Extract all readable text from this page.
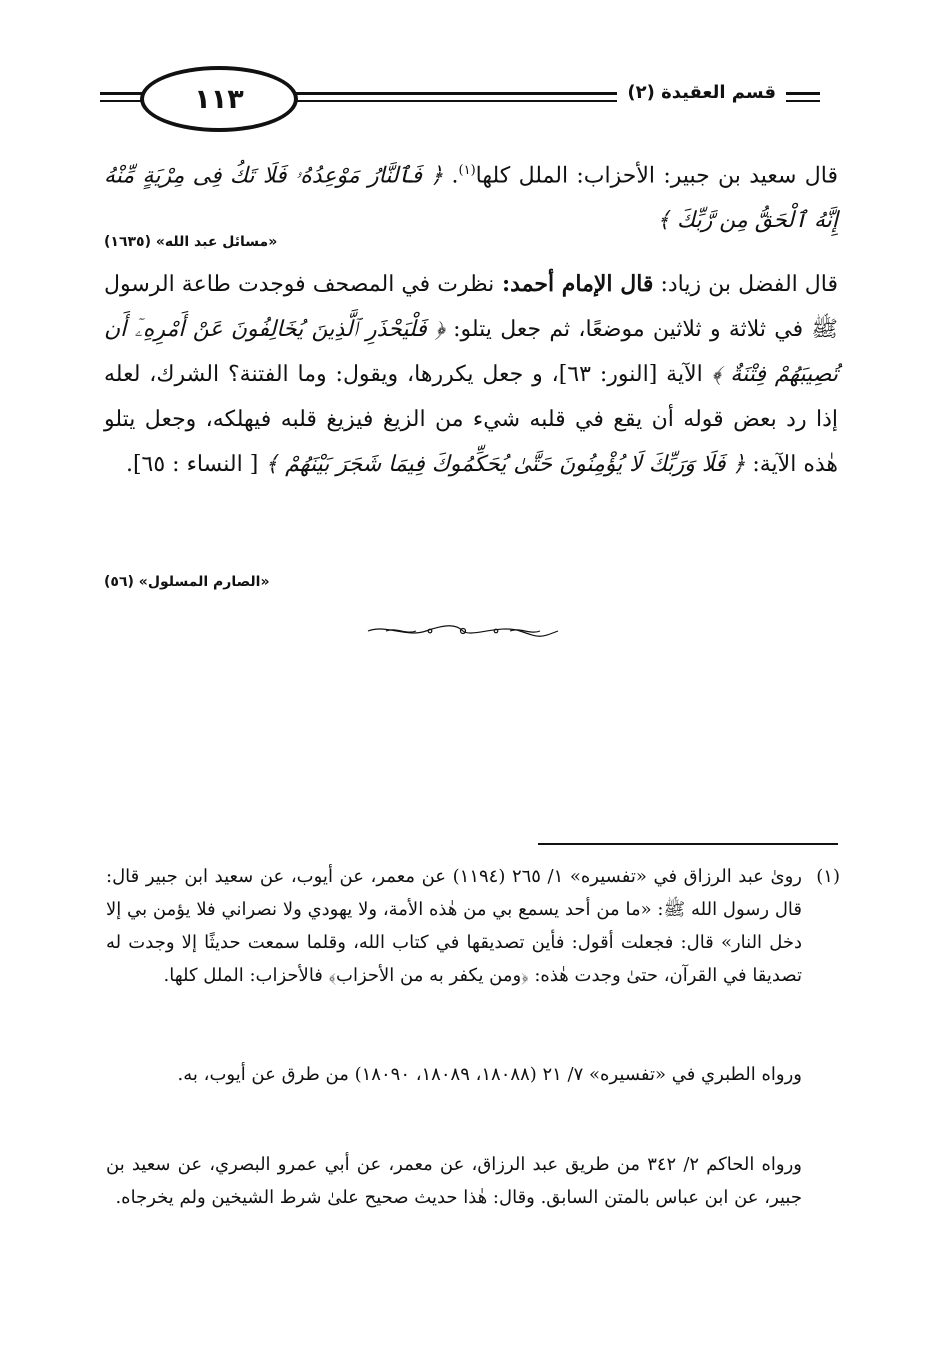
١١٣	قسم العقيدة (٢)
قال سعيد بن جبير: الأحزاب: الملل كلها$^{(١)}$. ﴿ فَٱلنَّارُ مَوْعِدُهُۥ فَلَا تَكُ فِى مِرْيَةٍ مِّنْهُ إِنَّهُ ٱلْحَقُّ مِن رَّبِّكَ ﴾
«مسائل عبد الله» (١٦٣٥)
قال الفضل بن زياد: قال الإمام أحمد: نظرت في المصحف فوجدت طاعة الرسول ﷺ في ثلاثة و ثلاثين موضعًا، ثم جعل يتلو: ﴿ فَلْيَحْذَرِ ٱلَّذِينَ يُخَالِفُونَ عَنْ أَمْرِهِۦٓ أَن تُصِيبَهُمْ فِتْنَةٌ ﴾ الآية [النور: ٦٣]، و جعل يكررها، ويقول: وما الفتنة؟ الشرك، لعله إذا رد بعض قوله أن يقع في قلبه شيء من الزيغ فيزيغ قلبه فيهلكه، وجعل يتلو هٰذه الآية: ﴿ فَلَا وَرَبِّكَ لَا يُؤْمِنُونَ حَتَّىٰ يُحَكِّمُوكَ فِيمَا شَجَرَ بَيْنَهُمْ ﴾ [ النساء : ٦٥].
«الصارم المسلول» (٥٦)
(١)
رویٰ عبد الرزاق في «تفسيره» ١/ ٢٦٥ (١١٩٤) عن معمر، عن أيوب، عن سعيد ابن جبير قال: قال رسول الله ﷺ: «ما من أحد يسمع بي من هٰذه الأمة، ولا يهودي ولا نصراني فلا يؤمن بي إلا دخل النار» قال: فجعلت أقول: فأين تصديقها في كتاب الله، وقلما سمعت حديثًا إلا وجدت له تصديقا في القرآن، حتىٰ وجدت هٰذه: ﴿ومن يكفر به من الأحزاب﴾ فالأحزاب: الملل كلها.
ورواه الطبري في «تفسيره» ٧/ ٢١ (١٨٠٨٨، ١٨٠٨٩، ١٨٠٩٠) من طرق عن أيوب، به.
ورواه الحاكم ٢/ ٣٤٢ من طريق عبد الرزاق، عن معمر، عن أبي عمرو البصري، عن سعيد بن جبير، عن ابن عباس بالمتن السابق. وقال: هٰذا حديث صحيح علىٰ شرط الشيخين ولم يخرجاه.
